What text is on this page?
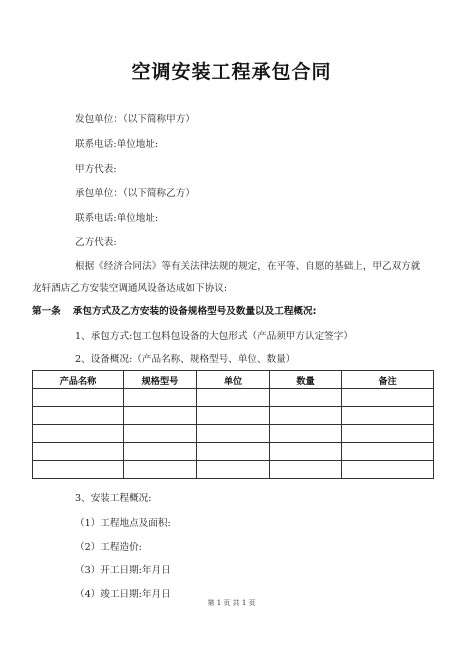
空调安装工程承包合同
发包单位：（以下简称甲方）
联系电话:单位地址:
甲方代表:
承包单位：（以下简称乙方）
联系电话:单位地址:
乙方代表:
根据《经济合同法》等有关法律法规的规定，在平等、自愿的基础上，甲乙双方就
龙轩酒店乙方安装空调通风设备达成如下协议:
第一条 承包方式及乙方安装的设备规格型号及数量以及工程概况:
1、承包方式:包工包料包设备的大包形式（产品须甲方认定签字）
2、设备概况:（产品名称、规格型号、单位、数量）
产品名称	规格型号	单位	数量	备注

3、安装工程概况:
（1）工程地点及面积:
（2）工程造价:
（3）开工日期:年月日
（4）竣工日期:年月日
第 1 页 共 1 页
